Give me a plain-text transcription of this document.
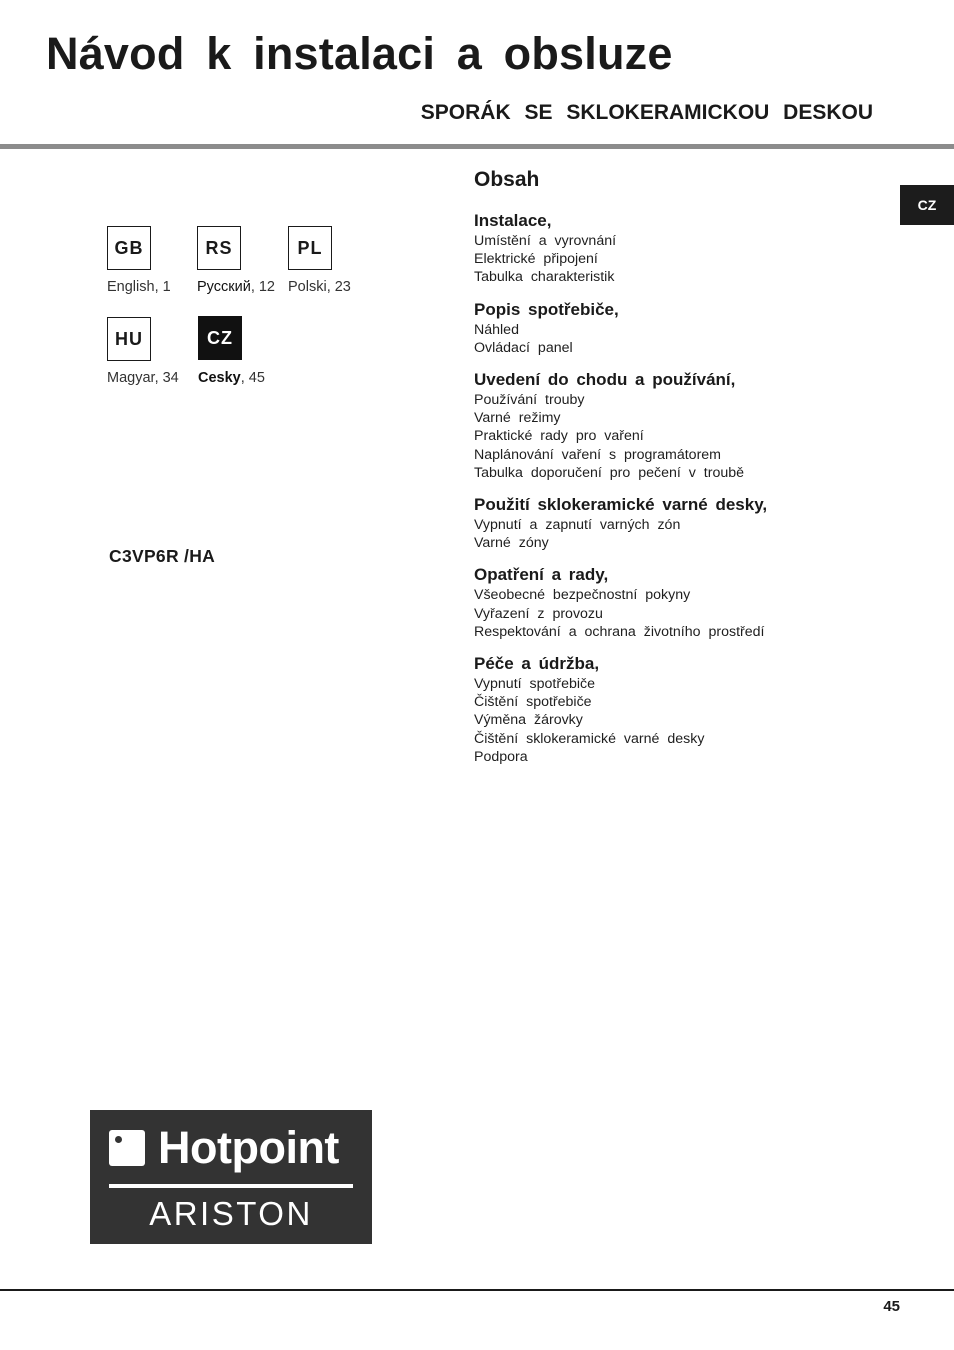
Návod k instalaci a obsluze
SPORÁK SE SKLOKERAMICKOU DESKOU
CZ
GB
English, 1
RS
Русский, 12
PL
Polski, 23
HU
Magyar, 34
CZ
Cesky, 45
C3VP6R /HA
Obsah
Instalace,
Umístění a vyrovnání
Elektrické připojení
Tabulka charakteristik
Popis spotřebiče,
Náhled
Ovládací panel
Uvedení do chodu a používání,
Používání trouby
Varné režimy
Praktické rady pro vaření
Naplánování vaření s programátorem
Tabulka doporučení pro pečení v troubě
Použití sklokeramické varné desky,
Vypnutí a zapnutí varných zón
Varné zóny
Opatření a rady,
Všeobecné bezpečnostní pokyny
Vyřazení z provozu
Respektování a ochrana životního prostředí
Péče a údržba,
Vypnutí spotřebiče
Čištění spotřebiče
Výměna žárovky
Čištění sklokeramické varné desky
Podpora
Hotpoint
ARISTON
45
